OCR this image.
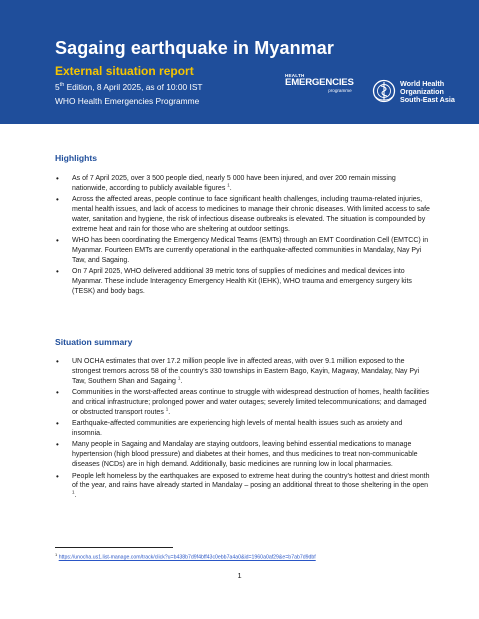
Sagaing earthquake in Myanmar
External situation report
5th Edition, 8 April 2025, as of 10:00 IST
WHO Health Emergencies Programme
HEALTH
EMERGENCIES
programme
World Health
Organization
South-East Asia
Highlights
• As of 7 April 2025, over 3 500 people died, nearly 5 000 have been injured, and over 200 remain missing nationwide, according to publicly available figures $^1$.
• Across the affected areas, people continue to face significant health challenges, including trauma-related injuries, mental health issues, and lack of access to medicines to manage their chronic diseases. With limited access to safe water, sanitation and hygiene, the risk of infectious disease outbreaks is elevated. The situation is compounded by extreme heat and rain for those who are sheltering at outdoor settings.
• WHO has been coordinating the Emergency Medical Teams (EMTs) through an EMT Coordination Cell (EMTCC) in Myanmar. Fourteen EMTs are currently operational in the earthquake-affected communities in Mandalay, Nay Pyi Taw, and Sagaing.
• On 7 April 2025, WHO delivered additional 39 metric tons of supplies of medicines and medical devices into Myanmar. These include Interagency Emergency Health Kit (IEHK), WHO trauma and emergency surgery kits (TESK) and body bags.
Situation summary
• UN OCHA estimates that over 17.2 million people live in affected areas, with over 9.1 million exposed to the strongest tremors across 58 of the country’s 330 townships in Eastern Bago, Kayin, Magway, Mandalay, Nay Pyi Taw, Southern Shan and Sagaing $^1$.
• Communities in the worst-affected areas continue to struggle with widespread destruction of homes, health facilities and critical infrastructure; prolonged power and water outages; severely limited telecommunications; and damaged or obstructed transport routes $^1$.
• Earthquake-affected communities are experiencing high levels of mental health issues such as anxiety and insomnia.
• Many people in Sagaing and Mandalay are staying outdoors, leaving behind essential medications to manage hypertension (high blood pressure) and diabetes at their homes, and thus medicines to treat non-communicable diseases (NCDs) are in high demand. Additionally, basic medicines are running low in local pharmacies.
• People left homeless by the earthquakes are exposed to extreme heat during the country’s hottest and driest month of the year, and rains have already started in Mandalay – posing an additional threat to those sheltering in the open $^1$.
$^1$ https://unocha.us1.list-manage.com/track/click?u=b438b7d9f4bff43c0ebb7a4a0&id=1960a0af29&e=b7ab7d9dbf
1
